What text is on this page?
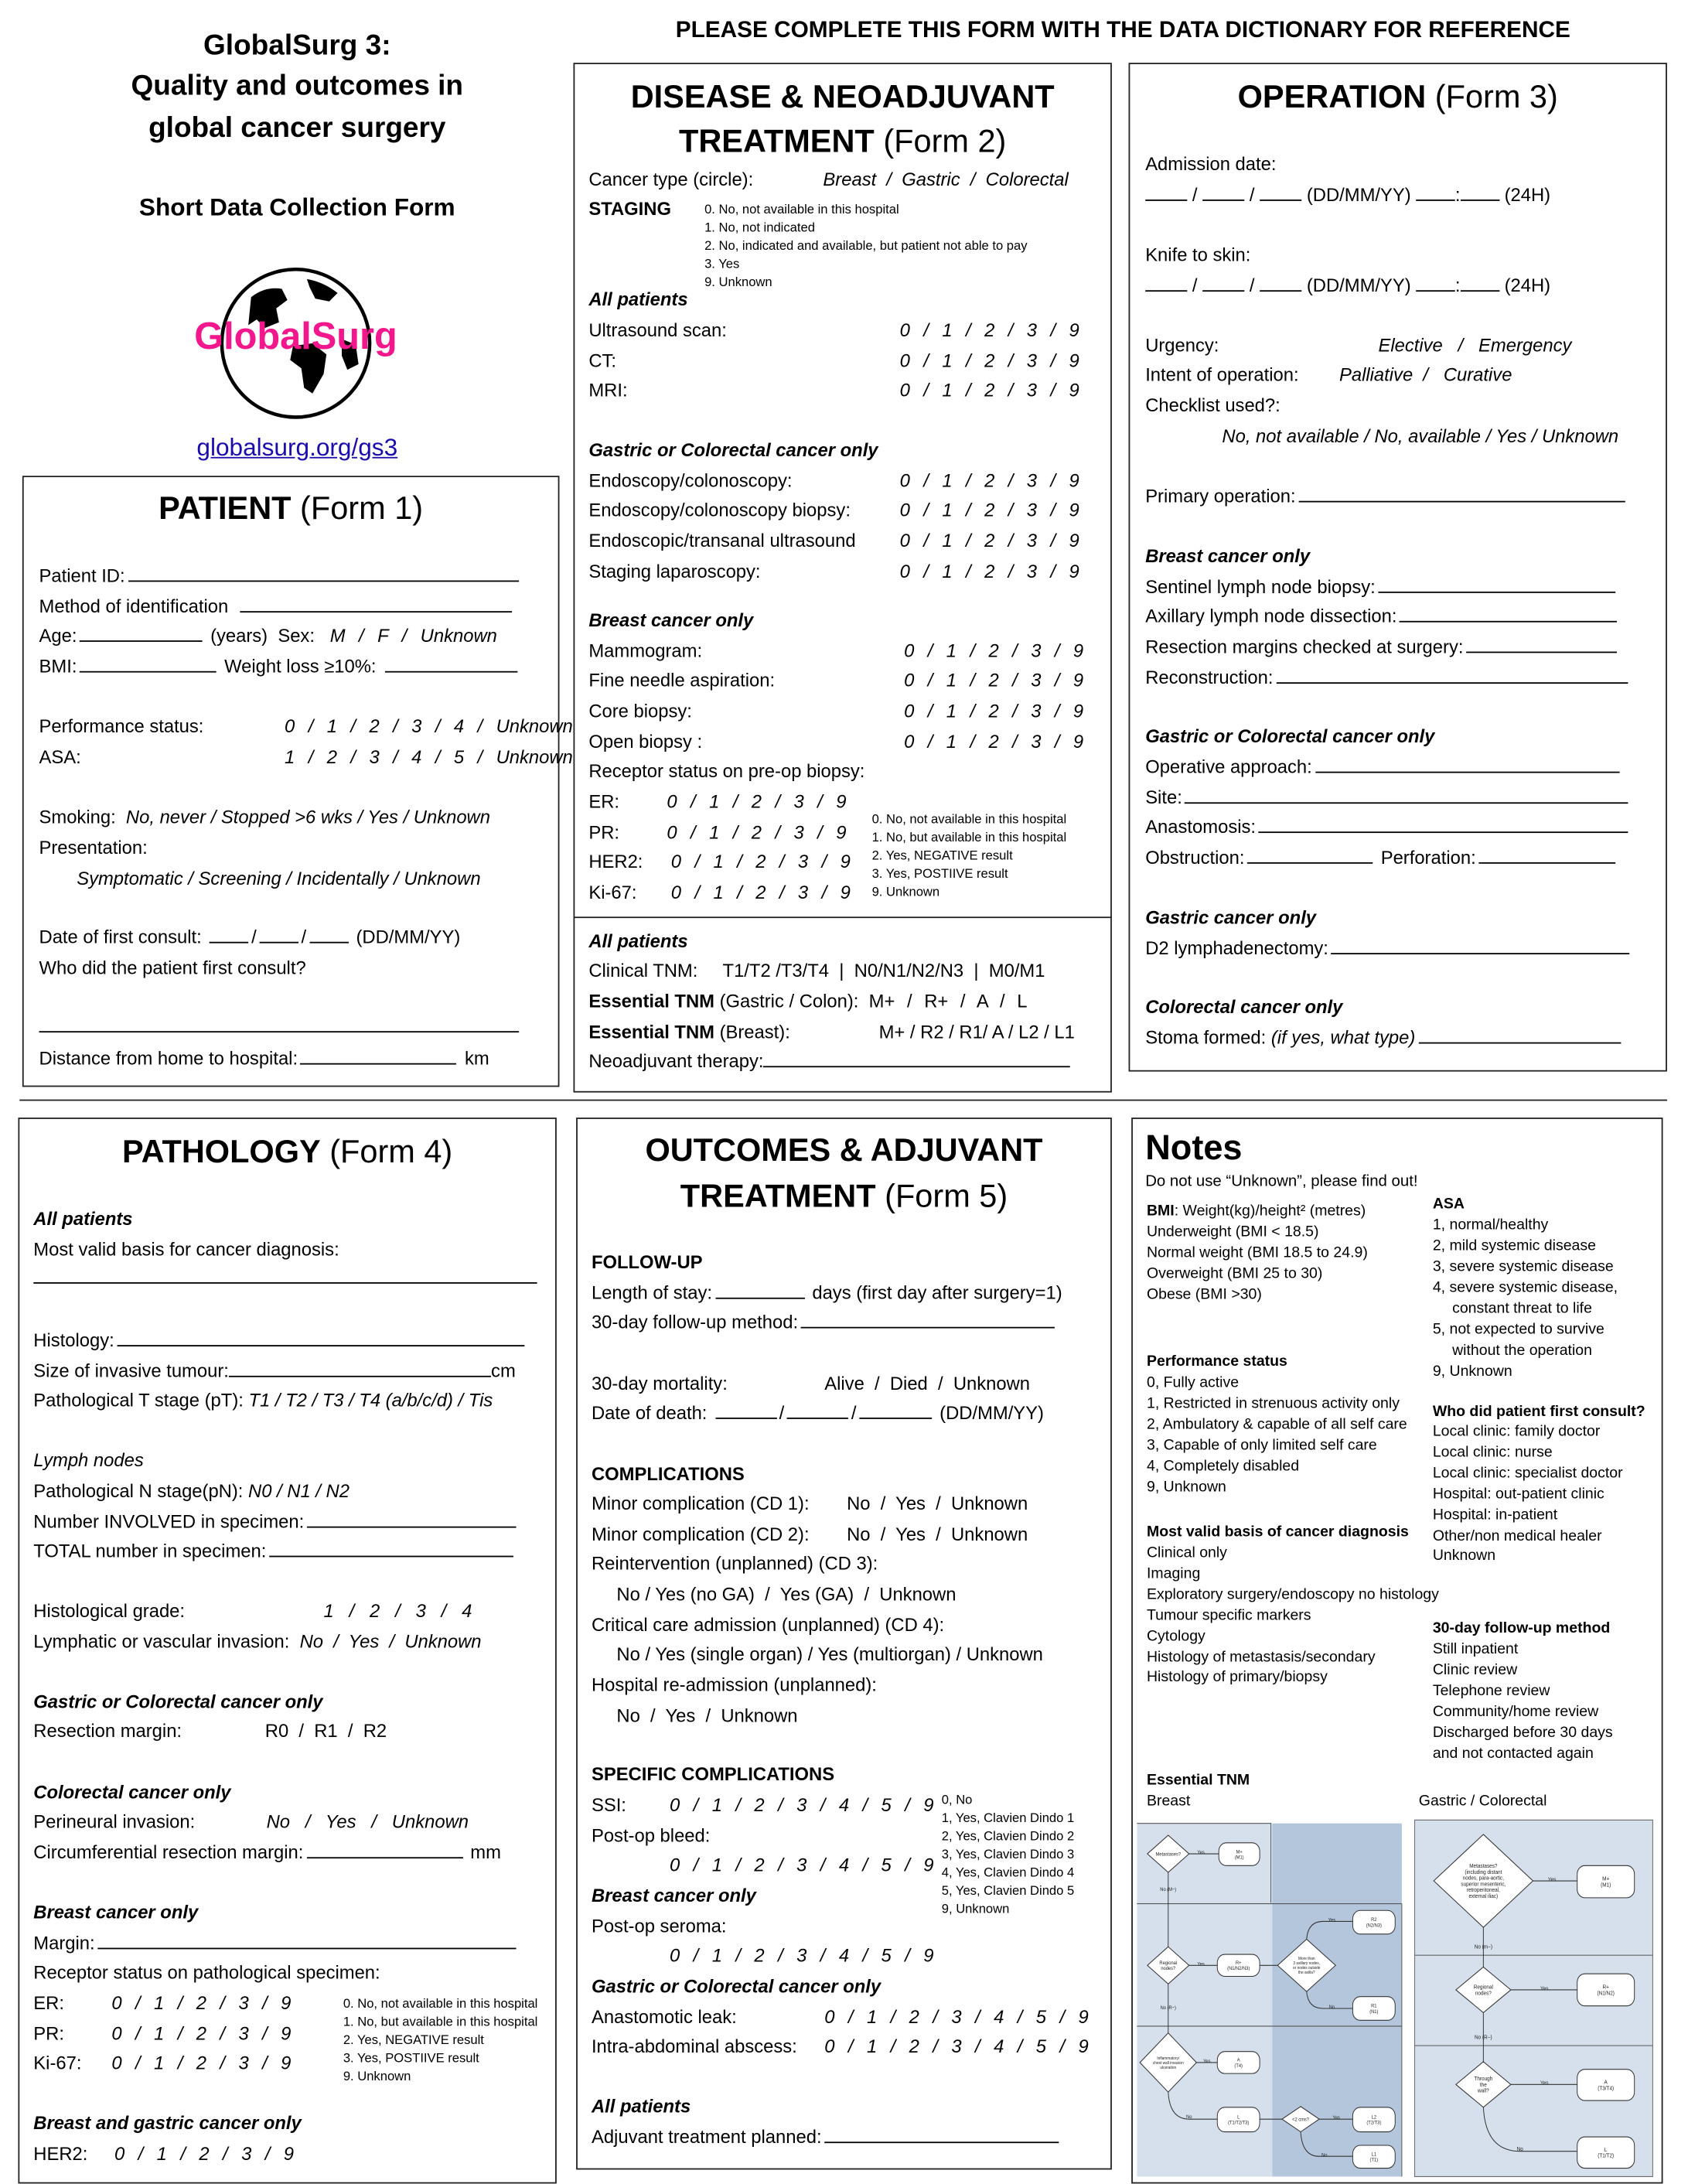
GlobalSurg 3:
Quality and outcomes in
global cancer surgery
Short Data Collection Form
GlobalSurg
globalsurg.org/gs3
PLEASE COMPLETE THIS FORM WITH THE DATA DICTIONARY FOR REFERENCE
PATIENT (Form 1)
Patient ID:
Method of identification
Age:	(years) Sex: M / F / Unknown
BMI:	Weight loss ≥10%:
Performance status:	0 / 1 / 2 / 3 / 4 / Unknown
ASA:	1 / 2 / 3 / 4 / 5 / Unknown
Smoking: No, never / Stopped >6 wks / Yes / Unknown
Presentation:
Symptomatic / Screening / Incidentally / Unknown
Date of first consult:	/	/	(DD/MM/YY)
Who did the patient first consult?
Distance from home to hospital:	km
DISEASE & NEOADJUVANT
TREATMENT (Form 2)
Cancer type (circle):	Breast  /  Gastric  /  Colorectal
STAGING	0. No, not available in this hospital
1. No, not indicated
2. No, indicated and available, but patient not able to pay
3. Yes
9. Unknown
All patients
Ultrasound scan:	0 / 1 / 2 / 3 / 9
CT:	0 / 1 / 2 / 3 / 9
MRI:	0 / 1 / 2 / 3 / 9
Gastric or Colorectal cancer only
Endoscopy/colonoscopy:	0 / 1 / 2 / 3 / 9
Endoscopy/colonoscopy biopsy:	0 / 1 / 2 / 3 / 9
Endoscopic/transanal ultrasound	0 / 1 / 2 / 3 / 9
Staging laparoscopy:	0 / 1 / 2 / 3 / 9
Breast cancer only
Mammogram:	0 / 1 / 2 / 3 / 9
Fine needle aspiration:	0 / 1 / 2 / 3 / 9
Core biopsy:	0 / 1 / 2 / 3 / 9
Open biopsy :	0 / 1 / 2 / 3 / 9
Receptor status on pre-op biopsy:
ER:	0 / 1 / 2 / 3 / 9
PR:	0 / 1 / 2 / 3 / 9
HER2:	0 / 1 / 2 / 3 / 9
Ki-67:	0 / 1 / 2 / 3 / 9
0. No, not available in this hospital
1. No, but available in this hospital
2. Yes, NEGATIVE result
3. Yes, POSTIIVE result
9. Unknown
All patients
Clinical TNM: T1/T2 /T3/T4  |  N0/N1/N2/N3  |  M0/M1
Essential TNM (Gastric / Colon): M+ / R+ / A / L
Essential TNM (Breast):	M+ / R2 / R1/ A / L2 / L1
Neoadjuvant therapy:
OPERATION (Form 3)
Admission date:
/	/	(DD/MM/YY)	:	(24H)
Knife to skin:
/	/	(DD/MM/YY)	:	(24H)
Urgency:	Elective   /   Emergency
Intent of operation:	Palliative  /   Curative
Checklist used?:
No, not available / No, available / Yes / Unknown
Primary operation:
Breast cancer only
Sentinel lymph node biopsy:
Axillary lymph node dissection:
Resection margins checked at surgery:
Reconstruction:
Gastric or Colorectal cancer only
Operative approach:
Site:
Anastomosis:
Obstruction:	Perforation:
Gastric cancer only
D2 lymphadenectomy:
Colorectal cancer only
Stoma formed: (if yes, what type)
PATHOLOGY (Form 4)
All patients
Most valid basis for cancer diagnosis:
Histology:
Size of invasive tumour:	cm
Pathological T stage (pT): T1 / T2 / T3 / T4 (a/b/c/d) / Tis
Lymph nodes
Pathological N stage(pN): N0 / N1 / N2
Number INVOLVED in specimen:
TOTAL number in specimen:
Histological grade:	1   /   2   /   3   /   4
Lymphatic or vascular invasion: No  /  Yes  /  Unknown
Gastric or Colorectal cancer only
Resection margin:	R0  /  R1  /  R2
Colorectal cancer only
Perineural invasion:	No   /   Yes   /   Unknown
Circumferential resection margin:	mm
Breast cancer only
Margin:
Receptor status on pathological specimen:
ER:	0 / 1 / 2 / 3 / 9
PR:	0 / 1 / 2 / 3 / 9
Ki-67:	0 / 1 / 2 / 3 / 9
0. No, not available in this hospital
1. No, but available in this hospital
2. Yes, NEGATIVE result
3. Yes, POSTIIVE result
9. Unknown
Breast and gastric cancer only
HER2:	0 / 1 / 2 / 3 / 9
OUTCOMES & ADJUVANT
TREATMENT (Form 5)
FOLLOW-UP
Length of stay:	days (first day after surgery=1)
30-day follow-up method:
30-day mortality:	Alive  /  Died  /  Unknown
Date of death:	/	/	(DD/MM/YY)
COMPLICATIONS
Minor complication (CD 1):	No  /  Yes  /  Unknown
Minor complication (CD 2):	No  /  Yes  /  Unknown
Reintervention (unplanned) (CD 3):
No / Yes (no GA)  /  Yes (GA)  /  Unknown
Critical care admission (unplanned) (CD 4):
No / Yes (single organ) / Yes (multiorgan) / Unknown
Hospital re-admission (unplanned):
No  /  Yes  /  Unknown
SPECIFIC COMPLICATIONS
SSI:	0 / 1 / 2 / 3 / 4 / 5 / 9
Post-op bleed:
0 / 1 / 2 / 3 / 4 / 5 / 9
Breast cancer only
Post-op seroma:
0 / 1 / 2 / 3 / 4 / 5 / 9
Gastric or Colorectal cancer only
Anastomotic leak:	0 / 1 / 2 / 3 / 4 / 5 / 9
Intra-abdominal abscess:	0 / 1 / 2 / 3 / 4 / 5 / 9
0, No
1, Yes, Clavien Dindo 1
2, Yes, Clavien Dindo 2
3, Yes, Clavien Dindo 3
4, Yes, Clavien Dindo 4
5, Yes, Clavien Dindo 5
9, Unknown
All patients
Adjuvant treatment planned:
Notes
Do not use “Unknown”, please find out!
BMI: Weight(kg)/height² (metres)
Underweight (BMI < 18.5)
Normal weight (BMI 18.5 to 24.9)
Overweight (BMI 25 to 30)
Obese (BMI >30)
ASA
1, normal/healthy
2, mild systemic disease
3, severe systemic disease
4, severe systemic disease,
constant threat to life
5, not expected to survive
without the operation
9, Unknown
Performance status
0, Fully active
1, Restricted in strenuous activity only
2, Ambulatory & capable of all self care
3, Capable of only limited self care
4, Completely disabled
9, Unknown
Who did patient first consult?
Local clinic: family doctor
Local clinic: nurse
Local clinic: specialist doctor
Hospital: out-patient clinic
Hospital: in-patient
Other/non medical healer
Unknown
Most valid basis of cancer diagnosis
Clinical only
Imaging
Exploratory surgery/endoscopy no histology
Tumour specific markers
Cytology
Histology of metastasis/secondary
Histology of primary/biopsy
30-day follow-up method
Still inpatient
Clinic review
Telephone review
Community/home review
Discharged before 30 days
and not contacted again
Essential TNM
Breast	Gastric / Colorectal
Metastases?	M+
(M1)
Yes
No (M−)
Regional
nodes?
Yes	R+
(N1/N2/N3)
More than
3 axillary nodes,
or nodes outside
the axilla?
Yes
No
R2
(N2/N3)
R1
(N1)
No (R−)
Inflammatory/
chest wall invasion
ulceration
Yes	A
(T4)
No	L
(T1/T2/T3)
<2 cms?	Yes
No
L2
(T2/T3)
L1
(T1)
Metastases?
(including distant
nodes, para-aortic,
superior mesenteric,
retroperitoneal,
external iliac)
Yes	M+
(M1)
No (m−)
Regional
nodes?
Yes	R+
(N1/N2)
No (R−)
Through
the
wall?
Yes
No
A
(T3/T4)
L
(T1/T2)
